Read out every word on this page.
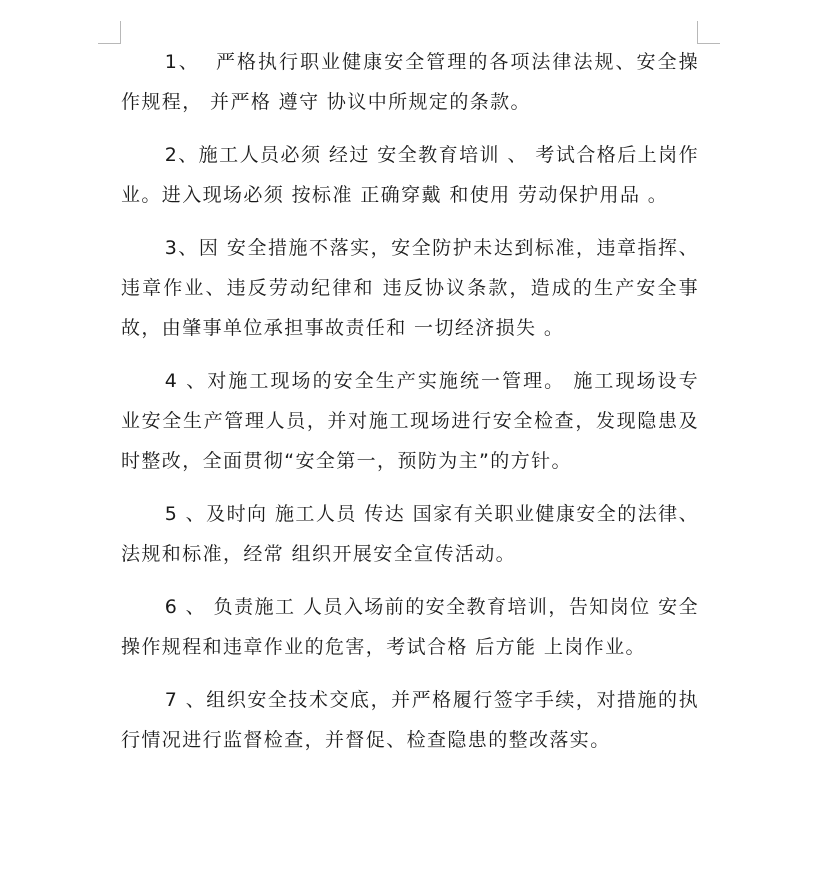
1、  严格执行职业健康安全管理的各项法律法规、安全操作规程， 并严格 遵守 协议中所规定的条款。

2、施工人员必须 经过 安全教育培训 、 考试合格后上岗作业。进入现场必须 按标准 正确穿戴 和使用 劳动保护用品 。

3、因 安全措施不落实，安全防护未达到标准，违章指挥、违章作业、违反劳动纪律和 违反协议条款，造成的生产安全事故，由肇事单位承担事故责任和 一切经济损失 。

4 、对施工现场的安全生产实施统一管理。 施工现场设专业安全生产管理人员，并对施工现场进行安全检查，发现隐患及时整改，全面贯彻“安全第一，预防为主”的方针。

5 、及时向 施工人员 传达 国家有关职业健康安全的法律、法规和标准，经常 组织开展安全宣传活动。

6 、 负责施工 人员入场前的安全教育培训，告知岗位 安全 操作规程和违章作业的危害，考试合格 后方能 上岗作业。

7 、组织安全技术交底，并严格履行签字手续，对措施的执行情况进行监督检查，并督促、检查隐患的整改落实。
